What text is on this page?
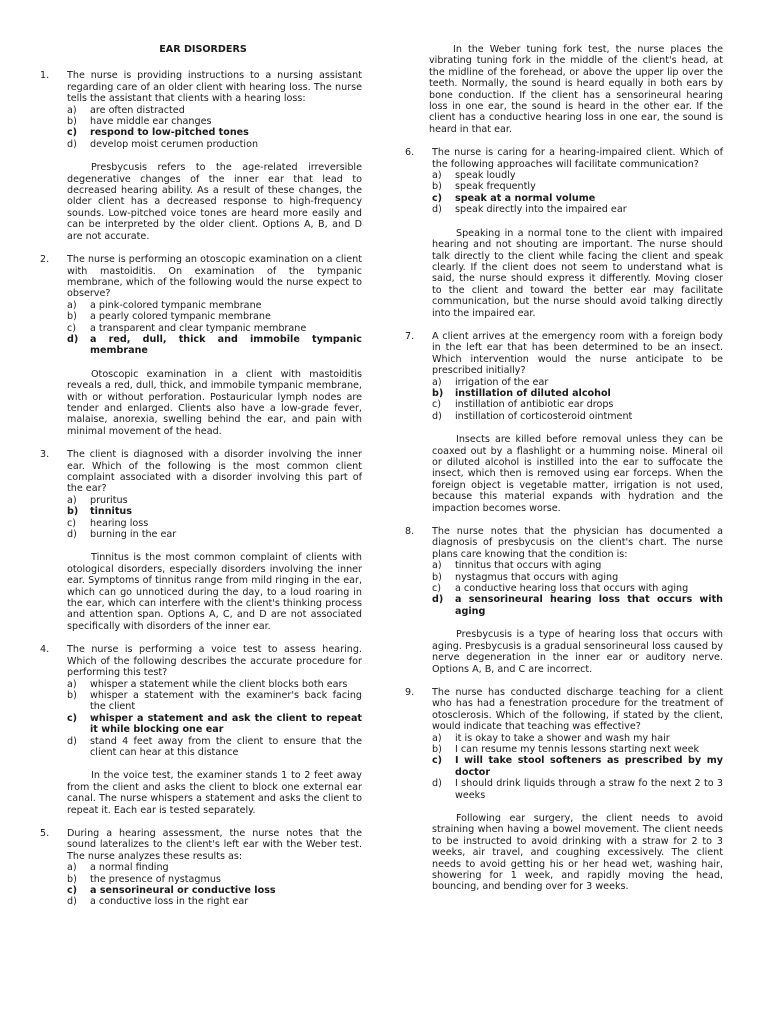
EAR DISORDERS
1. The nurse is providing instructions to a nursing assistant regarding care of an older client with hearing loss. The nurse tells the assistant that clients with a hearing loss:
a) are often distracted
b) have middle ear changes
c) respond to low-pitched tones
d) develop moist cerumen production
Presbycusis refers to the age-related irreversible degenerative changes of the inner ear that lead to decreased hearing ability. As a result of these changes, the older client has a decreased response to high-frequency sounds. Low-pitched voice tones are heard more easily and can be interpreted by the older client. Options A, B, and D are not accurate.
2. The nurse is performing an otoscopic examination on a client with mastoiditis. On examination of the tympanic membrane, which of the following would the nurse expect to observe?
a) a pink-colored tympanic membrane
b) a pearly colored tympanic membrane
c) a transparent and clear tympanic membrane
d) a red, dull, thick and immobile tympanic membrane
Otoscopic examination in a client with mastoiditis reveals a red, dull, thick, and immobile tympanic membrane, with or without perforation. Postauricular lymph nodes are tender and enlarged. Clients also have a low-grade fever, malaise, anorexia, swelling behind the ear, and pain with minimal movement of the head.
3. The client is diagnosed with a disorder involving the inner ear. Which of the following is the most common client complaint associated with a disorder involving this part of the ear?
a) pruritus
b) tinnitus
c) hearing loss
d) burning in the ear
Tinnitus is the most common complaint of clients with otological disorders, especially disorders involving the inner ear. Symptoms of tinnitus range from mild ringing in the ear, which can go unnoticed during the day, to a loud roaring in the ear, which can interfere with the client's thinking process and attention span. Options A, C, and D are not associated specifically with disorders of the inner ear.
4. The nurse is performing a voice test to assess hearing. Which of the following describes the accurate procedure for performing this test?
a) whisper a statement while the client blocks both ears
b) whisper a statement with the examiner's back facing the client
c) whisper a statement and ask the client to repeat it while blocking one ear
d) stand 4 feet away from the client to ensure that the client can hear at this distance
In the voice test, the examiner stands 1 to 2 feet away from the client and asks the client to block one external ear canal. The nurse whispers a statement and asks the client to repeat it. Each ear is tested separately.
5. During a hearing assessment, the nurse notes that the sound lateralizes to the client's left ear with the Weber test. The nurse analyzes these results as:
a) a normal finding
b) the presence of nystagmus
c) a sensorineural or conductive loss
d) a conductive loss in the right ear
In the Weber tuning fork test, the nurse places the vibrating tuning fork in the middle of the client's head, at the midline of the forehead, or above the upper lip over the teeth. Normally, the sound is heard equally in both ears by bone conduction. If the client has a sensorineural hearing loss in one ear, the sound is heard in the other ear. If the client has a conductive hearing loss in one ear, the sound is heard in that ear.
6. The nurse is caring for a hearing-impaired client. Which of the following approaches will facilitate communication?
a) speak loudly
b) speak frequently
c) speak at a normal volume
d) speak directly into the impaired ear
Speaking in a normal tone to the client with impaired hearing and not shouting are important. The nurse should talk directly to the client while facing the client and speak clearly. If the client does not seem to understand what is said, the nurse should express it differently. Moving closer to the client and toward the better ear may facilitate communication, but the nurse should avoid talking directly into the impaired ear.
7. A client arrives at the emergency room with a foreign body in the left ear that has been determined to be an insect. Which intervention would the nurse anticipate to be prescribed initially?
a) irrigation of the ear
b) instillation of diluted alcohol
c) instillation of antibiotic ear drops
d) instillation of corticosteroid ointment
Insects are killed before removal unless they can be coaxed out by a flashlight or a humming noise. Mineral oil or diluted alcohol is instilled into the ear to suffocate the insect, which then is removed using ear forceps. When the foreign object is vegetable matter, irrigation is not used, because this material expands with hydration and the impaction becomes worse.
8. The nurse notes that the physician has documented a diagnosis of presbycusis on the client's chart. The nurse plans care knowing that the condition is:
a) tinnitus that occurs with aging
b) nystagmus that occurs with aging
c) a conductive hearing loss that occurs with aging
d) a sensorineural hearing loss that occurs with aging
Presbycusis is a type of hearing loss that occurs with aging. Presbycusis is a gradual sensorineural loss caused by nerve degeneration in the inner ear or auditory nerve. Options A, B, and C are incorrect.
9. The nurse has conducted discharge teaching for a client who has had a fenestration procedure for the treatment of otosclerosis. Which of the following, if stated by the client, would indicate that teaching was effective?
a) it is okay to take a shower and wash my hair
b) I can resume my tennis lessons starting next week
c) I will take stool softeners as prescribed by my doctor
d) I should drink liquids through a straw fo the next 2 to 3 weeks
Following ear surgery, the client needs to avoid straining when having a bowel movement. The client needs to be instructed to avoid drinking with a straw for 2 to 3 weeks, air travel, and coughing excessively. The client needs to avoid getting his or her head wet, washing hair, showering for 1 week, and rapidly moving the head, bouncing, and bending over for 3 weeks.
